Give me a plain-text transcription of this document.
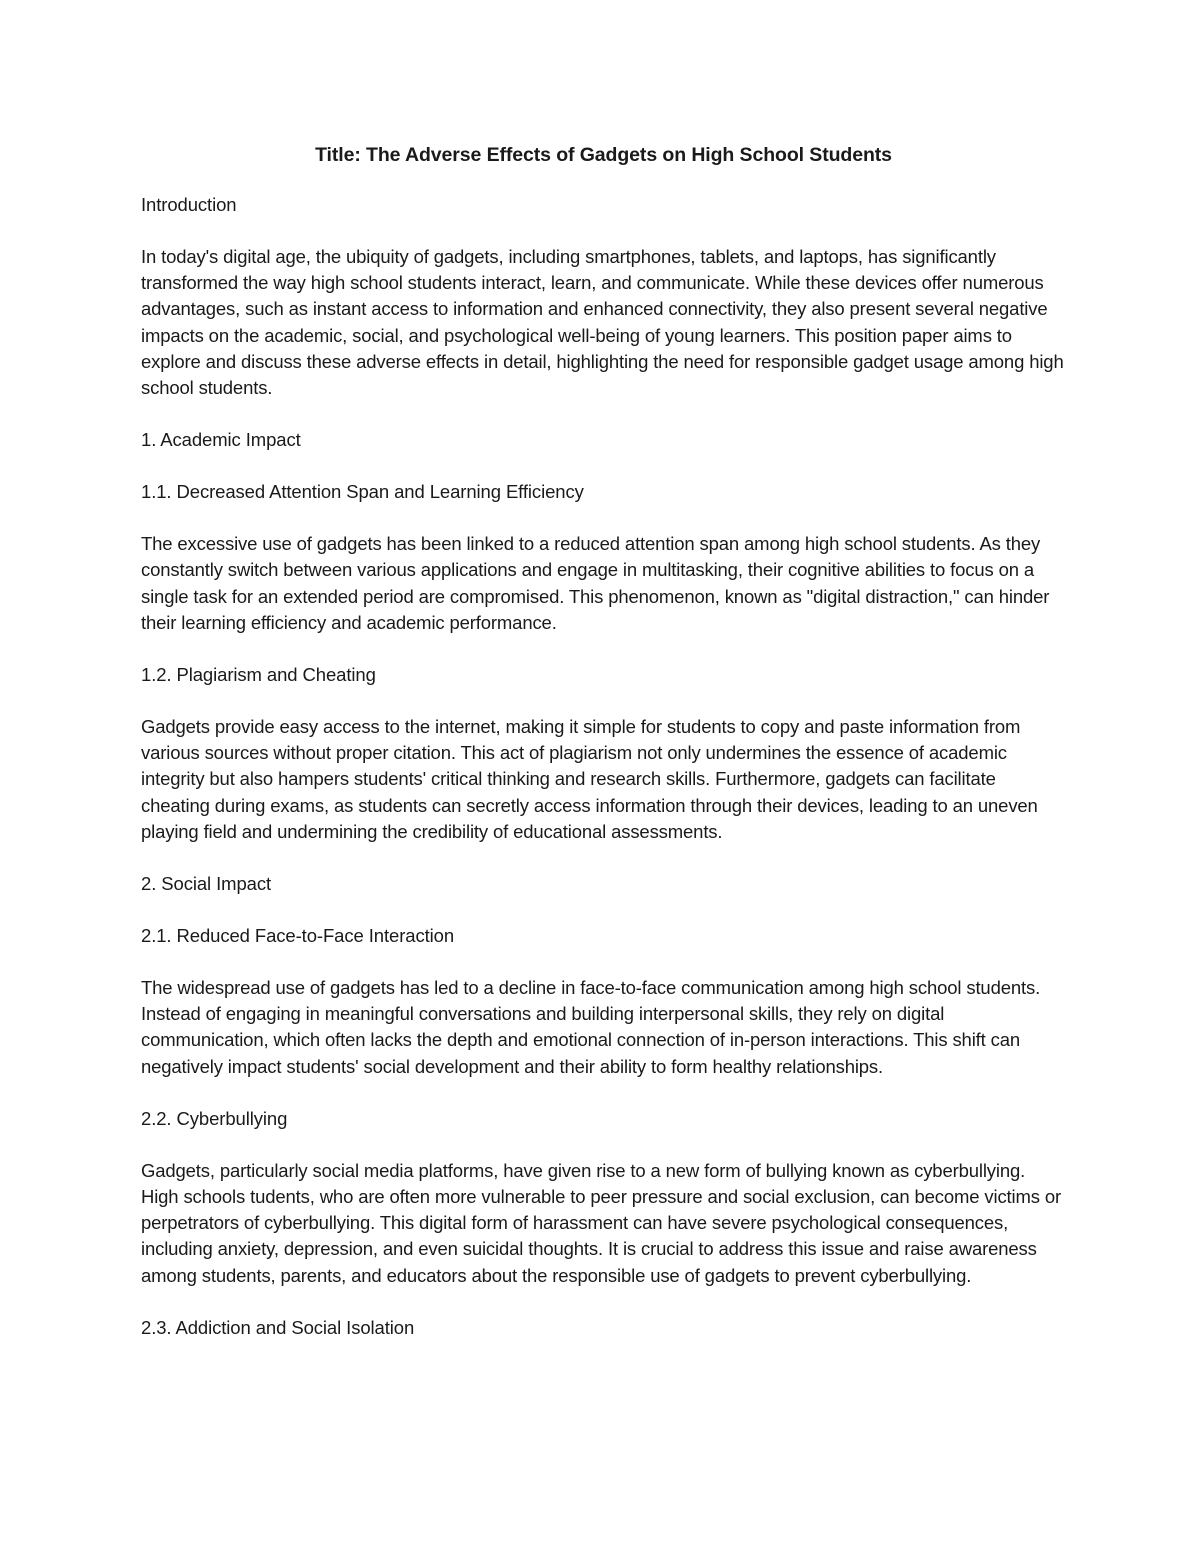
Title: The Adverse Effects of Gadgets on High School Students
Introduction
In today's digital age, the ubiquity of gadgets, including smartphones, tablets, and laptops, has significantly transformed the way high school students interact, learn, and communicate. While these devices offer numerous advantages, such as instant access to information and enhanced connectivity, they also present several negative impacts on the academic, social, and psychological well-being of young learners. This position paper aims to explore and discuss these adverse effects in detail, highlighting the need for responsible gadget usage among high school students.
1. Academic Impact
1.1. Decreased Attention Span and Learning Efficiency
The excessive use of gadgets has been linked to a reduced attention span among high school students. As they constantly switch between various applications and engage in multitasking, their cognitive abilities to focus on a single task for an extended period are compromised. This phenomenon, known as "digital distraction," can hinder their learning efficiency and academic performance.
1.2. Plagiarism and Cheating
Gadgets provide easy access to the internet, making it simple for students to copy and paste information from various sources without proper citation. This act of plagiarism not only undermines the essence of academic integrity but also hampers students' critical thinking and research skills. Furthermore, gadgets can facilitate cheating during exams, as students can secretly access information through their devices, leading to an uneven playing field and undermining the credibility of educational assessments.
2. Social Impact
2.1. Reduced Face-to-Face Interaction
The widespread use of gadgets has led to a decline in face-to-face communication among high school students. Instead of engaging in meaningful conversations and building interpersonal skills, they rely on digital communication, which often lacks the depth and emotional connection of in-person interactions. This shift can negatively impact students' social development and their ability to form healthy relationships.
2.2. Cyberbullying
Gadgets, particularly social media platforms, have given rise to a new form of bullying known as cyberbullying. High schools tudents, who are often more vulnerable to peer pressure and social exclusion, can become victims or perpetrators of cyberbullying. This digital form of harassment can have severe psychological consequences, including anxiety, depression, and even suicidal thoughts. It is crucial to address this issue and raise awareness among students, parents, and educators about the responsible use of gadgets to prevent cyberbullying.
2.3. Addiction and Social Isolation
